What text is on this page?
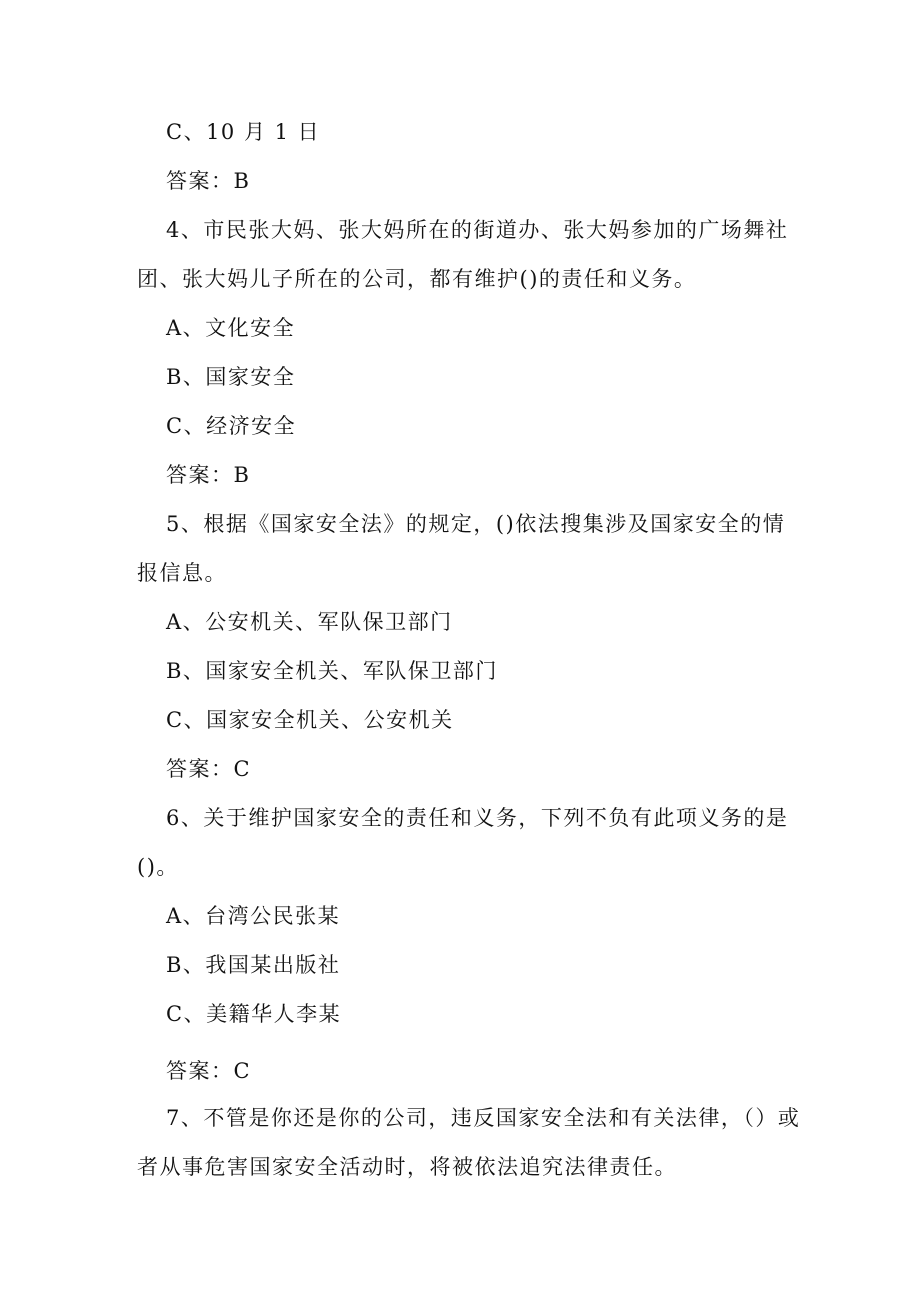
C、10 月 1 日
答案：B
4、市民张大妈、张大妈所在的街道办、张大妈参加的广场舞社
团、张大妈儿子所在的公司，都有维护()的责任和义务。
A、文化安全
B、国家安全
C、经济安全
答案：B
5、根据《国家安全法》的规定，()依法搜集涉及国家安全的情
报信息。
A、公安机关、军队保卫部门
B、国家安全机关、军队保卫部门
C、国家安全机关、公安机关
答案：C
6、关于维护国家安全的责任和义务，下列不负有此项义务的是
()。
A、台湾公民张某
B、我国某出版社
C、美籍华人李某
答案：C
7、不管是你还是你的公司，违反国家安全法和有关法律，（）或
者从事危害国家安全活动时，将被依法追究法律责任。
